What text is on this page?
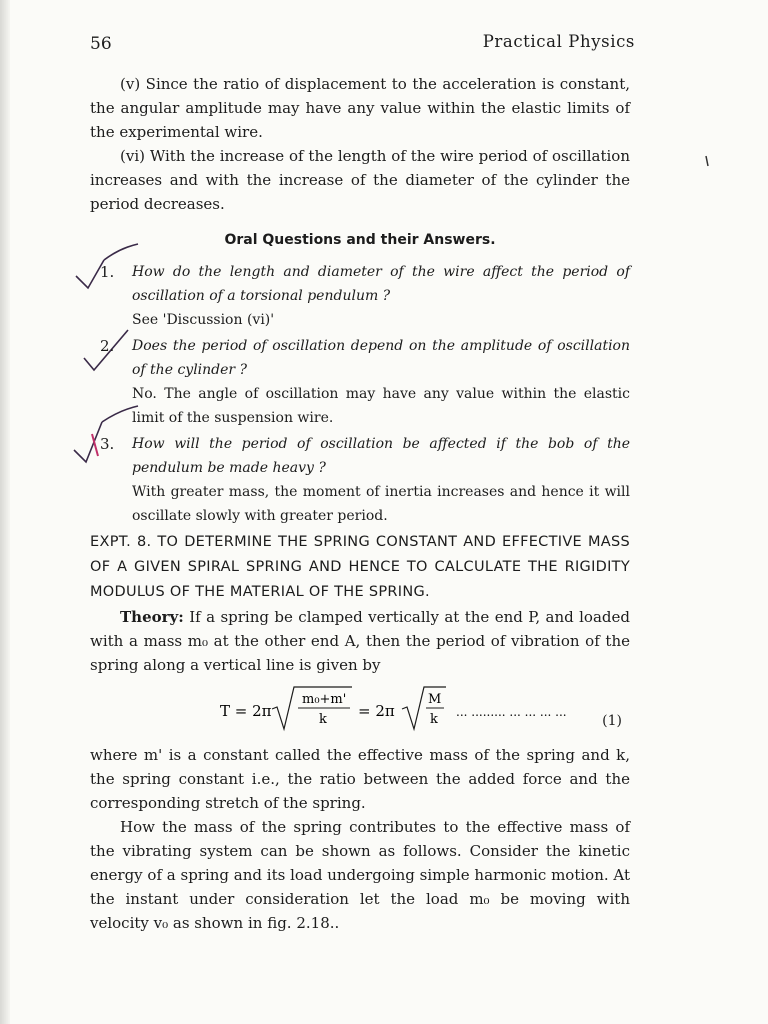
56	Practical Physics

(v) Since the ratio of displacement to the acceleration is constant, the angular amplitude may have any value within the elastic limits of the experimental wire.

(vi) With the increase of the length of the wire period of oscillation increases and with the increase of the diameter of the cylinder the period decreases.

Oral Questions and their Answers.
1. How do the length and diameter of the wire affect the period of oscillation of a torsional pendulum ?
See 'Discussion (vi)'
2. Does the period of oscillation depend on the amplitude of oscillation of the cylinder ?
No. The angle of oscillation may have any value within the elastic limit of the suspension wire.
3. How will the period of oscillation be affected if the bob of the pendulum be made heavy ?
With greater mass, the moment of inertia increases and hence it will oscillate slowly with greater period.

EXPT. 8. TO DETERMINE THE SPRING CONSTANT AND EFFECTIVE MASS OF A GIVEN SPIRAL SPRING AND HENCE TO CALCULATE THE RIGIDITY MODULUS OF THE MATERIAL OF THE SPRING.

Theory: If a spring be clamped vertically at the end P, and loaded with a mass m₀ at the other end A, then the period of vibration of the spring along a vertical line is given by

T = 2π
m₀+m'
k = 2π
M
k ... ......... ... ... ... ...
(1)

where m' is a constant called the effective mass of the spring and k, the spring constant i.e., the ratio between the added force and the corresponding stretch of the spring.

How the mass of the spring contributes to the effective mass of the vibrating system can be shown as follows. Consider the kinetic energy of a spring and its load undergoing simple harmonic motion. At the instant under consideration let the load m₀ be moving with velocity v₀ as shown in fig. 2.18..
